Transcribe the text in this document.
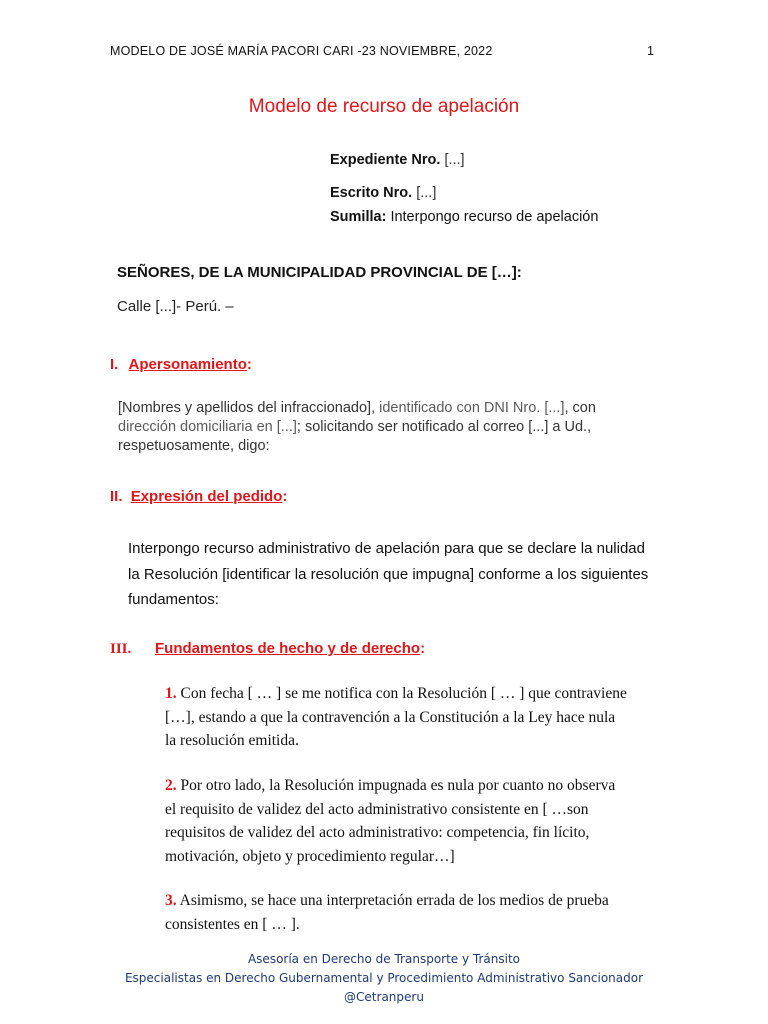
MODELO DE JOSÉ MARÍA PACORI CARI -23 NOVIEMBRE, 2022	1
Modelo de recurso de apelación
Expediente Nro. [...]
Escrito Nro. [...]
Sumilla: Interpongo recurso de apelación
SEÑORES, DE LA MUNICIPALIDAD PROVINCIAL DE […]:
Calle [...]- Perú. –
I. Apersonamiento:
[Nombres y apellidos del infraccionado], identificado con DNI Nro. [...], con
dirección domiciliaria en [...]; solicitando ser notificado al correo [...] a Ud.,
respetuosamente, digo:
II. Expresión del pedido:
Interpongo recurso administrativo de apelación para que se declare la nulidad
la Resolución [identificar la resolución que impugna] conforme a los siguientes
fundamentos:
III. Fundamentos de hecho y de derecho:
1. Con fecha [ … ] se me notifica con la Resolución [ … ] que contraviene
[…], estando a que la contravención a la Constitución a la Ley hace nula
la resolución emitida.
2. Por otro lado, la Resolución impugnada es nula por cuanto no observa
el requisito de validez del acto administrativo consistente en [ …son
requisitos de validez del acto administrativo: competencia, fin lícito,
motivación, objeto y procedimiento regular…]
3. Asimismo, se hace una interpretación errada de los medios de prueba
consistentes en [ … ].
Asesoría en Derecho de Transporte y Tránsito
Especialistas en Derecho Gubernamental y Procedimiento Administrativo Sancionador
@Cetranperu
